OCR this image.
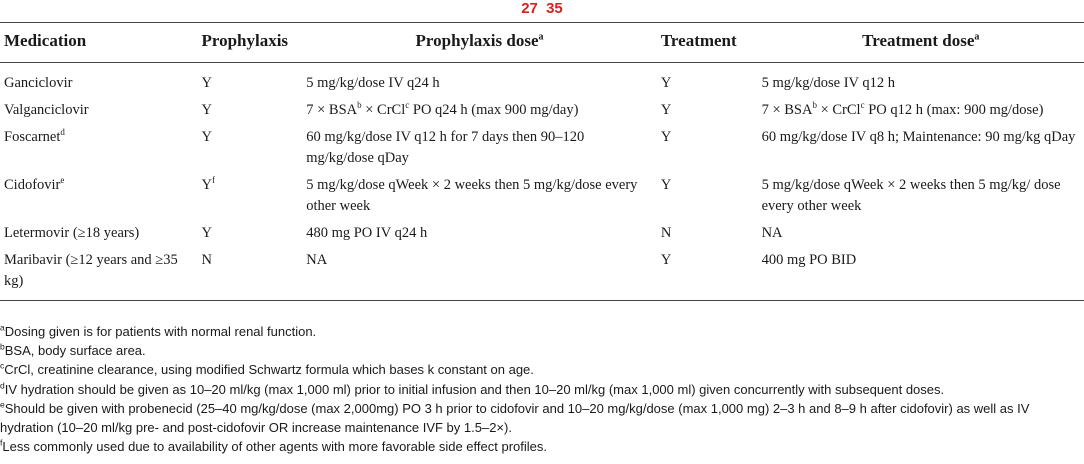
27 35
Medication	Prophylaxis	Prophylaxis dose$^a$	Treatment	Treatment dose$^a$
Ganciclovir	Y	5 mg/kg/dose IV q24 h	Y	5 mg/kg/dose IV q12 h
Valganciclovir	Y	$7 \times BSA^b$ × CrCl$^c$ PO q24 h (max 900 mg/day)	Y	$7 \times BSA^b$ × CrCl$^c$ PO q12 h (max: 900 mg/dose)
Foscarnet$^d$	Y	60 mg/kg/dose IV q12 h for 7 days then 90–120 mg/kg/dose qDay	Y	60 mg/kg/dose IV q8 h; Maintenance: 90 mg/kg qDay
Cidofovir$^e$	$Y^f$	5 mg/kg/dose qWeek × 2 weeks then 5 mg/kg/dose every other week	Y	5 mg/kg/dose qWeek × 2 weeks then 5 mg/kg/ dose every other week
Letermovir (≥18 years)	Y	480 mg PO IV q24 h	N	NA
Maribavir (≥12 years and ≥35 kg)	N	NA	Y	400 mg PO BID
$^a$Dosing given is for patients with normal renal function.
$^b$BSA, body surface area.
$^c$CrCl, creatinine clearance, using modified Schwartz formula which bases k constant on age.
$^d$IV hydration should be given as 10–20 ml/kg (max 1,000 ml) prior to initial infusion and then 10–20 ml/kg (max 1,000 ml) given concurrently with subsequent doses.
$^e$Should be given with probenecid (25–40 mg/kg/dose (max 2,000mg) PO 3 h prior to cidofovir and 10–20 mg/kg/dose (max 1,000 mg) 2–3 h and 8–9 h after cidofovir) as well as IV hydration (10–20 ml/kg pre- and post-cidofovir OR increase maintenance IVF by 1.5–2×).
$^f$Less commonly used due to availability of other agents with more favorable side effect profiles.
